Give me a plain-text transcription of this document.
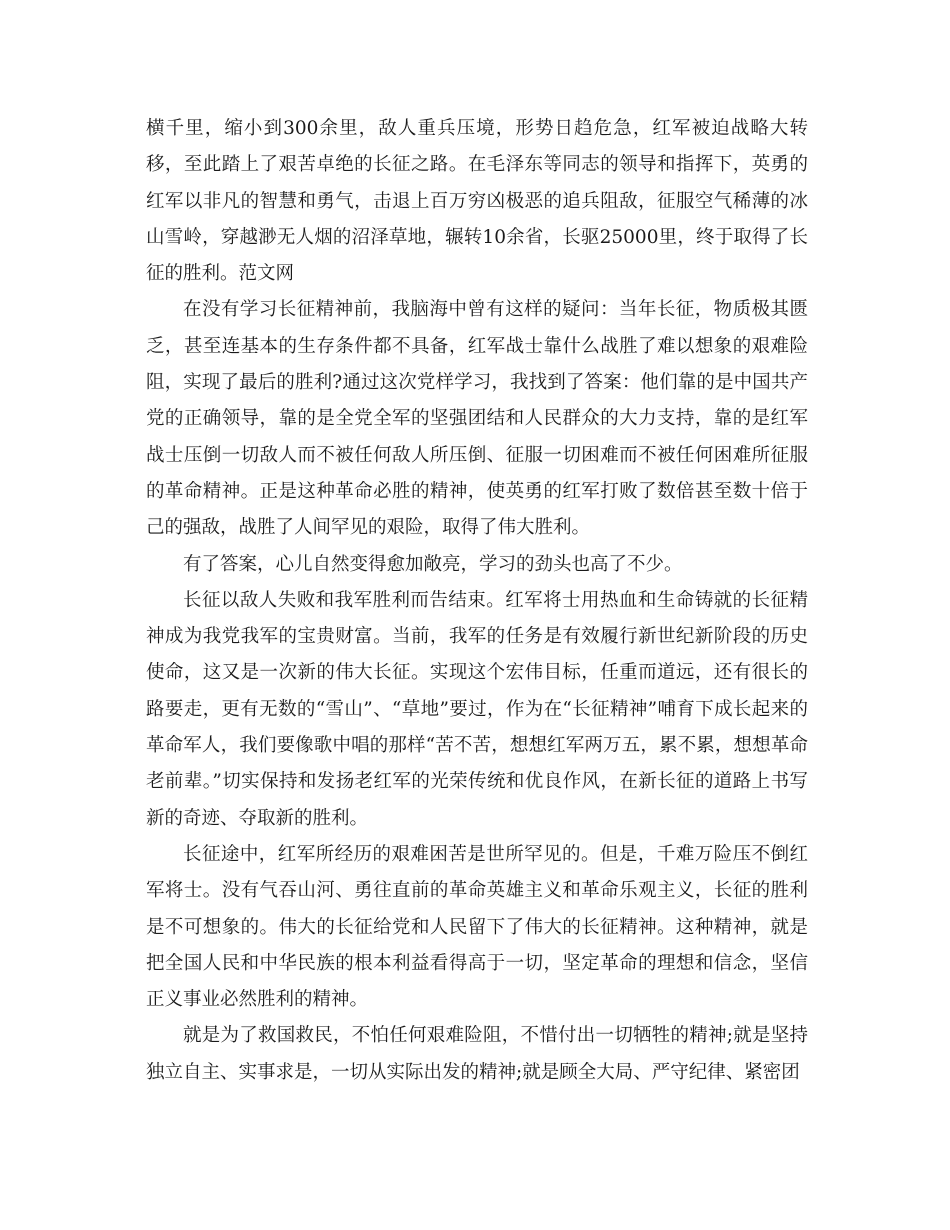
横千里，缩小到300余里，敌人重兵压境，形势日趋危急，红军被迫战略大转移，至此踏上了艰苦卓绝的长征之路。在毛泽东等同志的领导和指挥下，英勇的红军以非凡的智慧和勇气，击退上百万穷凶极恶的追兵阻敌，征服空气稀薄的冰山雪岭，穿越渺无人烟的沼泽草地，辗转10余省，长驱25000里，终于取得了长征的胜利。范文网

在没有学习长征精神前，我脑海中曾有这样的疑问：当年长征，物质极其匮乏，甚至连基本的生存条件都不具备，红军战士靠什么战胜了难以想象的艰难险阻，实现了最后的胜利?通过这次党样学习，我找到了答案：他们靠的是中国共产党的正确领导，靠的是全党全军的坚强团结和人民群众的大力支持，靠的是红军战士压倒一切敌人而不被任何敌人所压倒、征服一切困难而不被任何困难所征服的革命精神。正是这种革命必胜的精神，使英勇的红军打败了数倍甚至数十倍于己的强敌，战胜了人间罕见的艰险，取得了伟大胜利。

有了答案，心儿自然变得愈加敞亮，学习的劲头也高了不少。

长征以敌人失败和我军胜利而告结束。红军将士用热血和生命铸就的长征精神成为我党我军的宝贵财富。当前，我军的任务是有效履行新世纪新阶段的历史使命，这又是一次新的伟大长征。实现这个宏伟目标，任重而道远，还有很长的路要走，更有无数的“雪山”、“草地”要过，作为在“长征精神”哺育下成长起来的革命军人，我们要像歌中唱的那样“苦不苦，想想红军两万五，累不累，想想革命老前辈。”切实保持和发扬老红军的光荣传统和优良作风，在新长征的道路上书写新的奇迹、夺取新的胜利。

长征途中，红军所经历的艰难困苦是世所罕见的。但是，千难万险压不倒红军将士。没有气吞山河、勇往直前的革命英雄主义和革命乐观主义，长征的胜利是不可想象的。伟大的长征给党和人民留下了伟大的长征精神。这种精神，就是把全国人民和中华民族的根本利益看得高于一切，坚定革命的理想和信念，坚信正义事业必然胜利的精神。

就是为了救国救民，不怕任何艰难险阻，不惜付出一切牺牲的精神;就是坚持独立自主、实事求是，一切从实际出发的精神;就是顾全大局、严守纪律、紧密团
